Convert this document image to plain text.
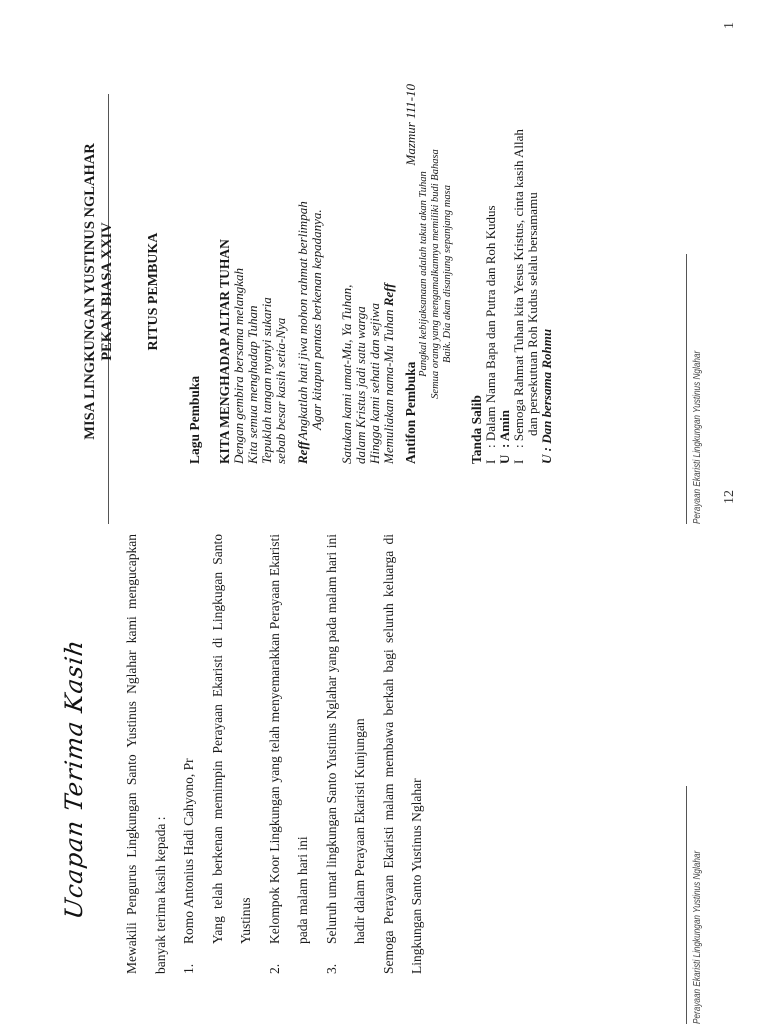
Ucapan Terima Kasih	Mewakili Pengurus Lingkungan Santo Yustinus Nglahar kami mengucapkan banyak terima kasih kepada :	1.
Romo Antonius Hadi Cahyono, Pr	Yang telah berkenan memimpin Perayaan Ekaristi di Lingkugan Santo Yustinus
2.
Kelompok Koor Lingkungan yang telah menyemarakkan Perayaan Ekaristi pada malam hari ini
3.
Seluruh umat lingkungan Santo Yustinus Nglahar yang pada malam hari ini hadir dalam Perayaan Ekaristi Kunjungan	Semoga Perayaan Ekaristi malam membawa berkah bagi seluruh keluarga di Lingkungan Santo Yustinus Nglahar	Perayaan Ekaristi Lingkungan Yustinus Nglahar
12
MISA LINGKUNGAN YUSTINUS NGLAHAR PEKAN BIASA XXIV RITUS PEMBUKA
Lagu Pembuka KITA MENGHADAP ALTAR TUHAN Dengan gembira bersama melangkah Kita semua menghadap Tuhan Tepuklah tangan nyanyi sukaria sebab besar kasih setia-Nya Reff
Angkatlah hati jiwa mohon rahmat berlimpah Agar kitapun pantas berkenan kepadanya. Satukan kami umat-Mu, Ya Tuhan, dalam Kristus jadi satu warga Hingga kami sehati dan sejiwa Memuliakan nama-Mu Tuhan Reff
Antifon Pembuka
Mazmur 111-10
Pangkal kebijaksanaan adalah takut akan Tuhan Semua orang yang mengamalkannya memiliki budi Bahasa Baik. Dia akan disanjung sepanjang masa
Tanda Salib I
: Dalam Nama Bapa dan Putra dan Roh Kudus
U
: Amin
I
: Semoga Rahmat Tuhan kita Yesus Kristus, cinta kasih Allah dan persekutuan Roh Kudus selalu bersamamu U : Dan bersama Rohmu	Perayaan Ekaristi Lingkungan Yustinus Nglahar
1
